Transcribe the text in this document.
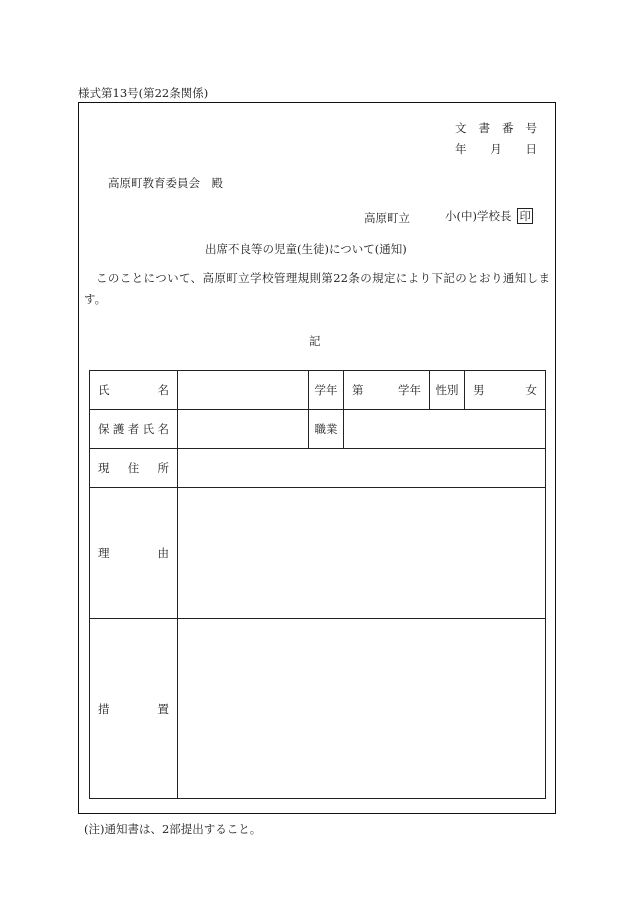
様式第13号(第22条関係)
文 書 番 号
年 月 日
高原町教育委員会　殿
高原町立	小(中)学校長 印
出席不良等の児童(生徒)について(通知)
このことについて、高原町立学校管理規則第22条の規定により下記のとおり通知します。
記
氏名		学年	第 学年	性別	男 女

保護者氏名		職業			
現住所					
理由					
措置					
(注)通知書は、2部提出すること。
